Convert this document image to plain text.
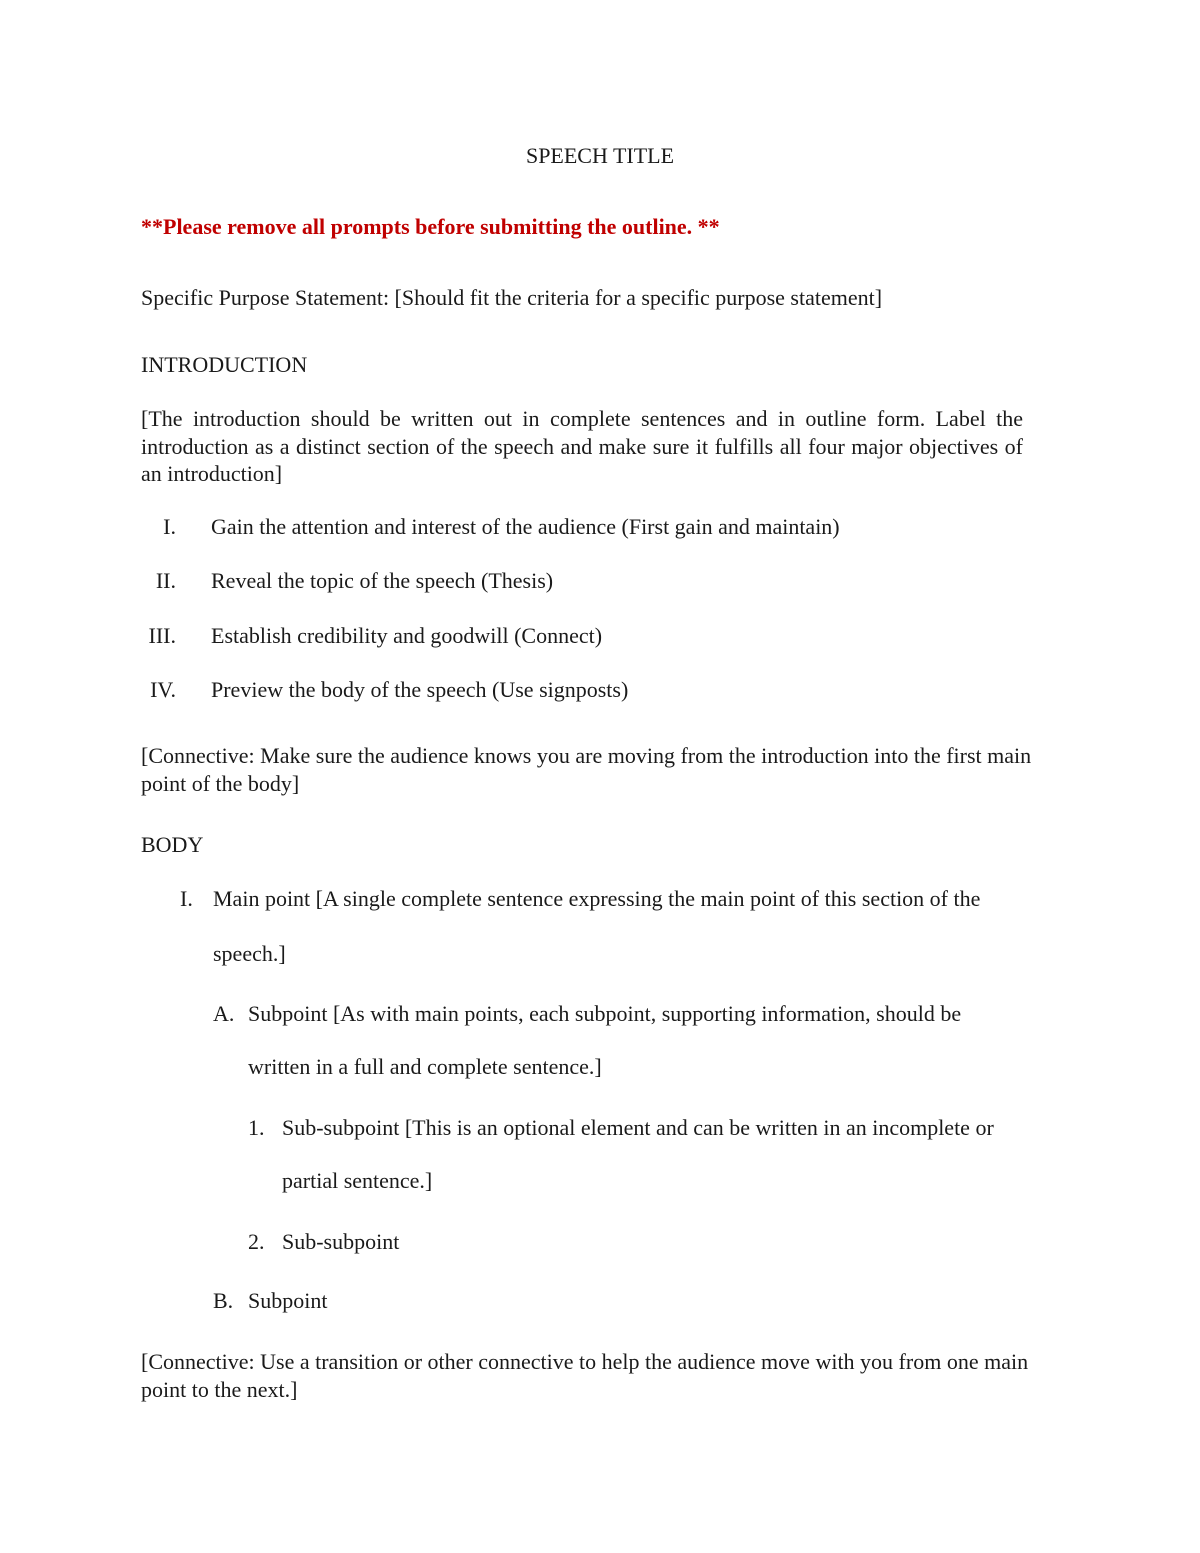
SPEECH TITLE
**Please remove all prompts before submitting the outline. **
Specific Purpose Statement: [Should fit the criteria for a specific purpose statement]
INTRODUCTION
[The introduction should be written out in complete sentences and in outline form. Label the introduction as a distinct section of the speech and make sure it fulfills all four major objectives of an introduction]
I. Gain the attention and interest of the audience (First gain and maintain)
II. Reveal the topic of the speech (Thesis)
III. Establish credibility and goodwill (Connect)
IV. Preview the body of the speech (Use signposts)
[Connective: Make sure the audience knows you are moving from the introduction into the first main point of the body]
BODY
I. Main point [A single complete sentence expressing the main point of this section of the
speech.]
A. Subpoint [As with main points, each subpoint, supporting information, should be
written in a full and complete sentence.]
1. Sub-subpoint [This is an optional element and can be written in an incomplete or
partial sentence.]
2. Sub-subpoint
B. Subpoint
[Connective: Use a transition or other connective to help the audience move with you from one main point to the next.]
